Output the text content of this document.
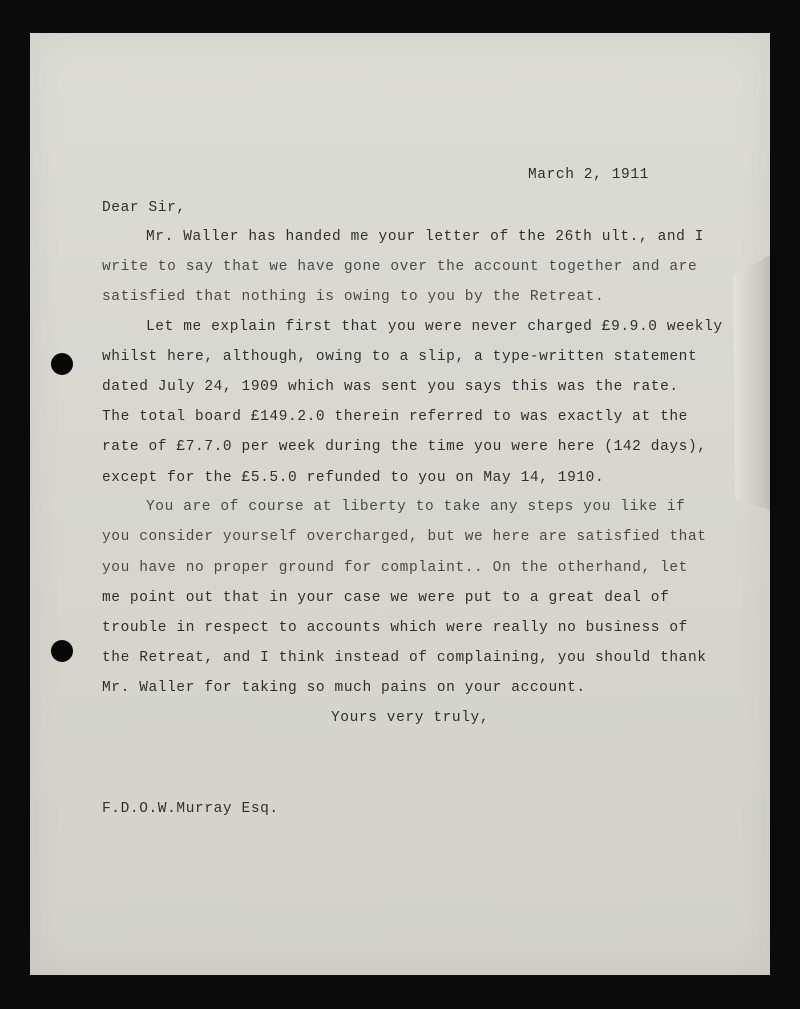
March 2, 1911
Dear Sir,
Mr. Waller has handed me your letter of the 26th ult., and I
write to say that we have gone over the account together and are
satisfied that nothing is owing to you by the Retreat.
Let me explain first that you were never charged £9.9.0 weekly
whilst here, although, owing to a slip, a type-written statement
dated July 24, 1909 which was sent you says this was the rate.
The total board £149.2.0 therein referred to was exactly at the
rate of £7.7.0 per week during the time you were here (142 days),
except for the £5.5.0 refunded to you on May 14, 1910.
You are of course at liberty to take any steps you like if
you consider yourself overcharged, but we here are satisfied that
you have no proper ground for complaint.. On the otherhand, let
me point out that in your case we were put to a great deal of
trouble in respect to accounts which were really no business of
the Retreat, and I think instead of complaining, you should thank
Mr. Waller for taking so much pains on your account.
Yours very truly,
F.D.O.W.Murray Esq.
